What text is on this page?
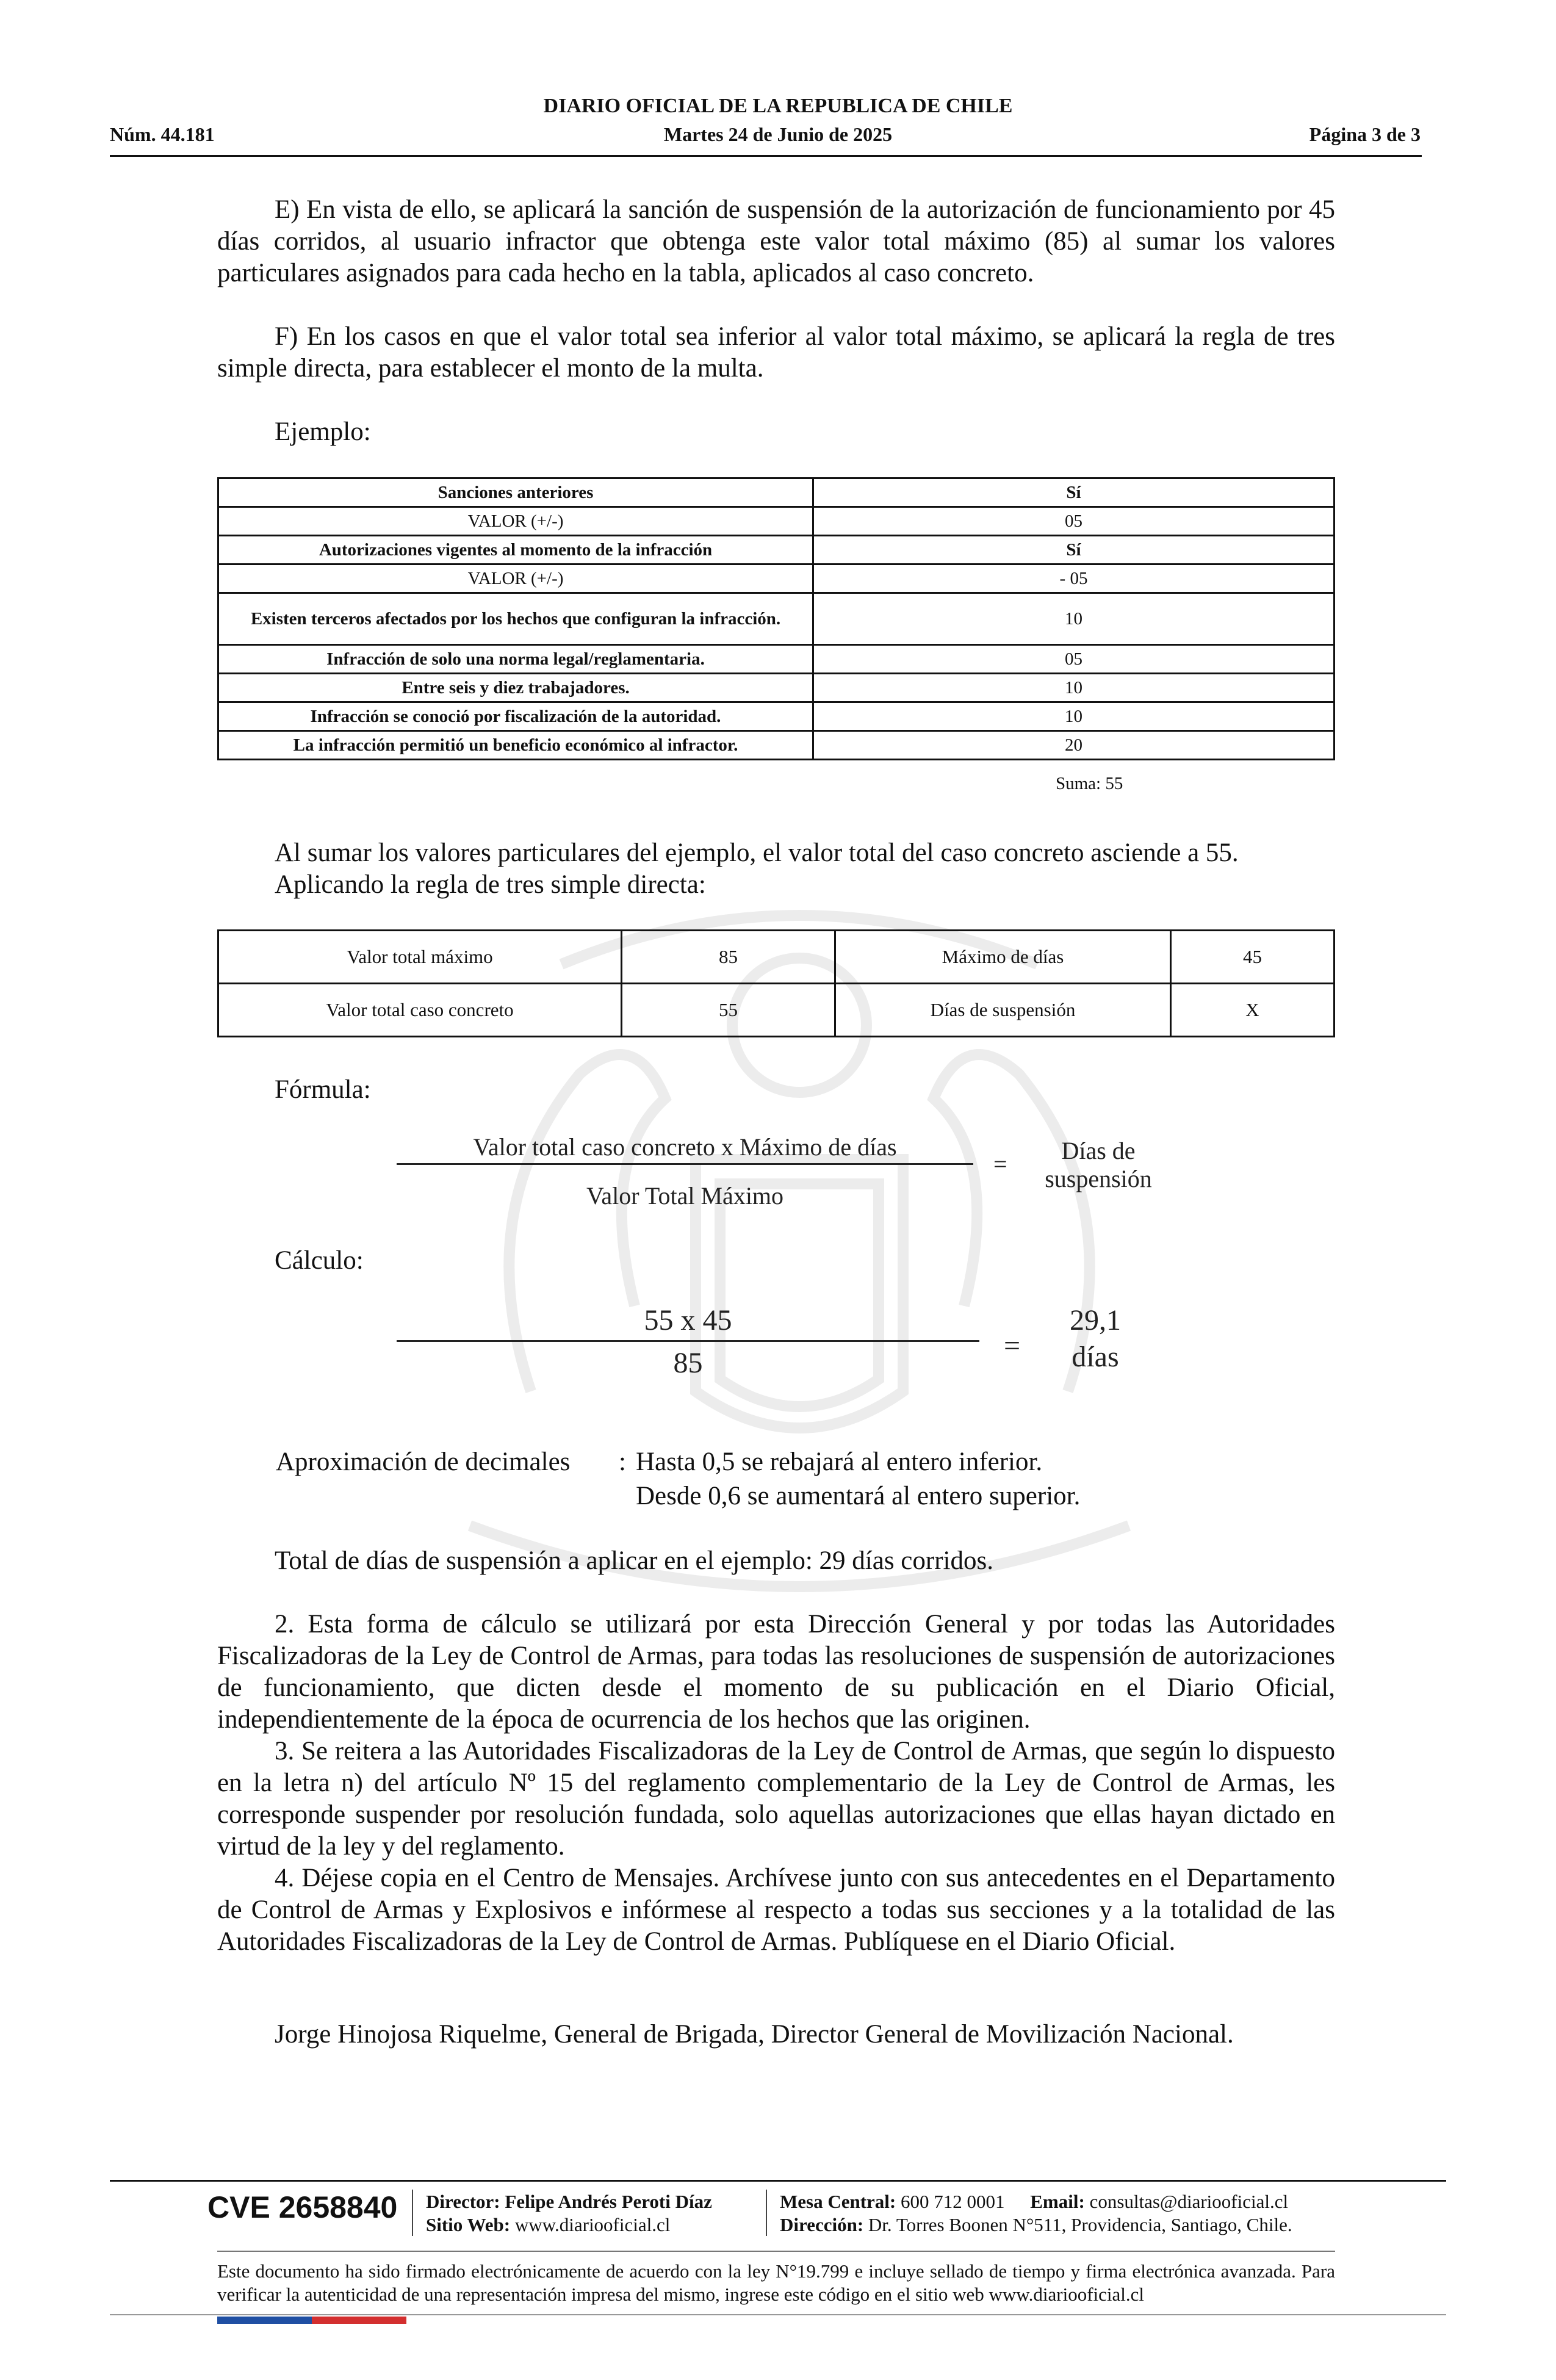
DIARIO OFICIAL DE LA REPUBLICA DE CHILE
Núm. 44.181	Martes 24 de Junio de 2025	Página 3 de 3
E) En vista de ello, se aplicará la sanción de suspensión de la autorización de funcionamiento por 45 días corridos, al usuario infractor que obtenga este valor total máximo (85) al sumar los valores particulares asignados para cada hecho en la tabla, aplicados al caso concreto.
F) En los casos en que el valor total sea inferior al valor total máximo, se aplicará la regla de tres simple directa, para establecer el monto de la multa.
Ejemplo:
Sanciones anteriores	Sí
VALOR (+/-)	05
Autorizaciones vigentes al momento de la infracción	Sí
VALOR (+/-)	- 05
Existen terceros afectados por los hechos que configuran la infracción.	10
Infracción de solo una norma legal/reglamentaria.	05
Entre seis y diez trabajadores.	10
Infracción se conoció por fiscalización de la autoridad.	10
La infracción permitió un beneficio económico al infractor.	20
Suma: 55
Al sumar los valores particulares del ejemplo, el valor total del caso concreto asciende a 55.
Aplicando la regla de tres simple directa:
Valor total máximo	85	Máximo de días	45
Valor total caso concreto	55	Días de suspensión	X
Fórmula:
Valor total caso concreto x Máximo de días
Valor Total Máximo
=	Días de
suspensión
Cálculo:
55 x 45
85
=
29,1
días
Aproximación de decimales : Hasta 0,5 se rebajará al entero inferior.
Desde 0,6 se aumentará al entero superior.
Total de días de suspensión a aplicar en el ejemplo: 29 días corridos.
2. Esta forma de cálculo se utilizará por esta Dirección General y por todas las Autoridades Fiscalizadoras de la Ley de Control de Armas, para todas las resoluciones de suspensión de autorizaciones de funcionamiento, que dicten desde el momento de su publicación en el Diario Oficial, independientemente de la época de ocurrencia de los hechos que las originen.
3. Se reitera a las Autoridades Fiscalizadoras de la Ley de Control de Armas, que según lo dispuesto en la letra n) del artículo Nº 15 del reglamento complementario de la Ley de Control de Armas, les corresponde suspender por resolución fundada, solo aquellas autorizaciones que ellas hayan dictado en virtud de la ley y del reglamento.
4. Déjese copia en el Centro de Mensajes. Archívese junto con sus antecedentes en el Departamento de Control de Armas y Explosivos e infórmese al respecto a todas sus secciones y a la totalidad de las Autoridades Fiscalizadoras de la Ley de Control de Armas. Publíquese en el Diario Oficial.
Jorge Hinojosa Riquelme, General de Brigada, Director General de Movilización Nacional.
CVE 2658840 Director: Felipe Andrés Peroti Díaz
Sitio Web: www.diariooficial.cl
Mesa Central: 600 712 0001 Email: consultas@diariooficial.cl
Dirección: Dr. Torres Boonen N°511, Providencia, Santiago, Chile.
Este documento ha sido firmado electrónicamente de acuerdo con la ley N°19.799 e incluye sellado de tiempo y firma electrónica avanzada. Para verificar la autenticidad de una representación impresa del mismo, ingrese este código en el sitio web www.diariooficial.cl
